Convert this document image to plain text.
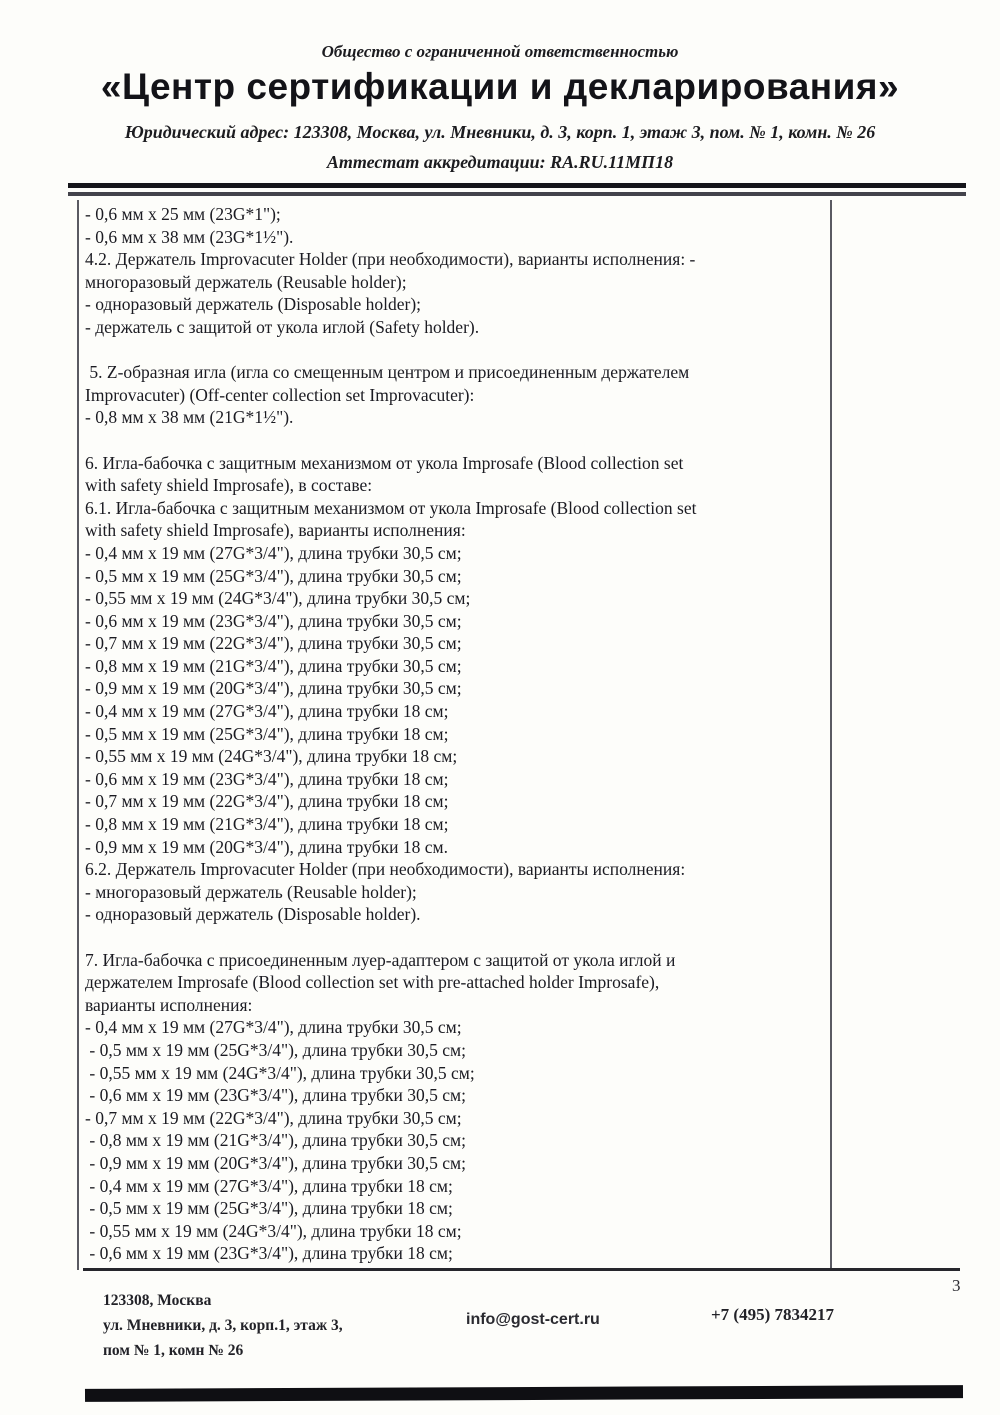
Общество с ограниченной ответственностью
«Центр сертификации и декларирования»
Юридический адрес: 123308, Москва, ул. Мневники, д. 3, корп. 1, этаж 3, пом. № 1, комн. № 26
Аттестат аккредитации: RA.RU.11МП18
- 0,6 мм х 25 мм (23G*1");
- 0,6 мм х 38 мм (23G*1½").
4.2. Держатель Improvacuter Holder (при необходимости), варианты исполнения: -
многоразовый держатель (Reusable holder);
- одноразовый держатель (Disposable holder);
- держатель с защитой от укола иглой (Safety holder).
5. Z-образная игла (игла со смещенным центром и присоединенным держателем
Improvacuter) (Off-center collection set Improvacuter):
- 0,8 мм х 38 мм (21G*1½").
6. Игла-бабочка с защитным механизмом от укола Improsafe (Blood collection set
with safety shield Improsafe), в составе:
6.1. Игла-бабочка с защитным механизмом от укола Improsafe (Blood collection set
with safety shield Improsafe), варианты исполнения:
- 0,4 мм х 19 мм (27G*3/4"), длина трубки 30,5 см;
- 0,5 мм х 19 мм (25G*3/4"), длина трубки 30,5 см;
- 0,55 мм х 19 мм (24G*3/4"), длина трубки 30,5 см;
- 0,6 мм х 19 мм (23G*3/4"), длина трубки 30,5 см;
- 0,7 мм х 19 мм (22G*3/4"), длина трубки 30,5 см;
- 0,8 мм х 19 мм (21G*3/4"), длина трубки 30,5 см;
- 0,9 мм х 19 мм (20G*3/4"), длина трубки 30,5 см;
- 0,4 мм х 19 мм (27G*3/4"), длина трубки 18 см;
- 0,5 мм х 19 мм (25G*3/4"), длина трубки 18 см;
- 0,55 мм х 19 мм (24G*3/4"), длина трубки 18 см;
- 0,6 мм х 19 мм (23G*3/4"), длина трубки 18 см;
- 0,7 мм х 19 мм (22G*3/4"), длина трубки 18 см;
- 0,8 мм х 19 мм (21G*3/4"), длина трубки 18 см;
- 0,9 мм х 19 мм (20G*3/4"), длина трубки 18 см.
6.2. Держатель Improvacuter Holder (при необходимости), варианты исполнения:
- многоразовый держатель (Reusable holder);
- одноразовый держатель (Disposable holder).
7. Игла-бабочка с присоединенным луер-адаптером с защитой от укола иглой и
держателем Improsafe (Blood collection set with pre-attached holder Improsafe),
варианты исполнения:
- 0,4 мм х 19 мм (27G*3/4"), длина трубки 30,5 см;
- 0,5 мм х 19 мм (25G*3/4"), длина трубки 30,5 см;
- 0,55 мм х 19 мм (24G*3/4"), длина трубки 30,5 см;
- 0,6 мм х 19 мм (23G*3/4"), длина трубки 30,5 см;
- 0,7 мм х 19 мм (22G*3/4"), длина трубки 30,5 см;
- 0,8 мм х 19 мм (21G*3/4"), длина трубки 30,5 см;
- 0,9 мм х 19 мм (20G*3/4"), длина трубки 30,5 см;
- 0,4 мм х 19 мм (27G*3/4"), длина трубки 18 см;
- 0,5 мм х 19 мм (25G*3/4"), длина трубки 18 см;
- 0,55 мм х 19 мм (24G*3/4"), длина трубки 18 см;
- 0,6 мм х 19 мм (23G*3/4"), длина трубки 18 см;
3
123308, Москва
ул. Мневники, д. 3, корп.1, этаж 3,
пом № 1, комн № 26
info@gost-cert.ru	+7 (495) 7834217
